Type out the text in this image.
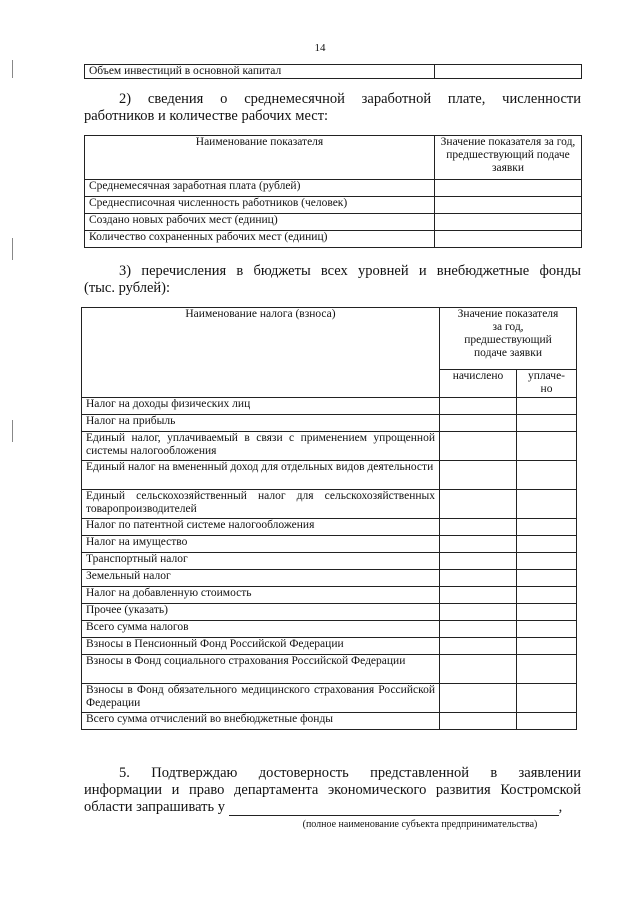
14
Объем инвестиций в основной капитал	
2) сведения о среднемесячной заработной плате, численности
работников и количестве рабочих мест:
Наименование показателя	Значение показателя за год, предшествующий подаче заявки
Среднемесячная заработная плата (рублей)	
Среднесписочная численность работников (человек)	
Создано новых рабочих мест (единиц)	
Количество сохраненных рабочих мест (единиц)	
3) перечисления в бюджеты всех уровней и внебюджетные фонды
(тыс. рублей):
Наименование налога (взноса)	Значение показателя за год, предшествующий подаче заявки	
	начислено	уплаче-но
Налог на доходы физических лиц		
Налог на прибыль		
Единый налог, уплачиваемый в связи с применением упрощенной системы налогообложения		
Единый налог на вмененный доход для отдельных видов деятельности		
Единый сельскохозяйственный налог для сельскохозяйственных товаропроизводителей		
Налог по патентной системе налогообложения		
Налог на имущество		
Транспортный налог		
Земельный налог		
Налог на добавленную стоимость		
Прочее (указать)		
Всего сумма налогов		
Взносы в Пенсионный Фонд Российской Федерации		
Взносы в Фонд социального страхования Российской Федерации		
Взносы в Фонд обязательного медицинского страхования Российской Федерации		
Всего сумма отчислений во внебюджетные фонды		
5. Подтверждаю достоверность представленной в заявлении
информации и право департамента экономического развития Костромской
области запрашивать у	,
(полное наименование субъекта предпринимательства)
